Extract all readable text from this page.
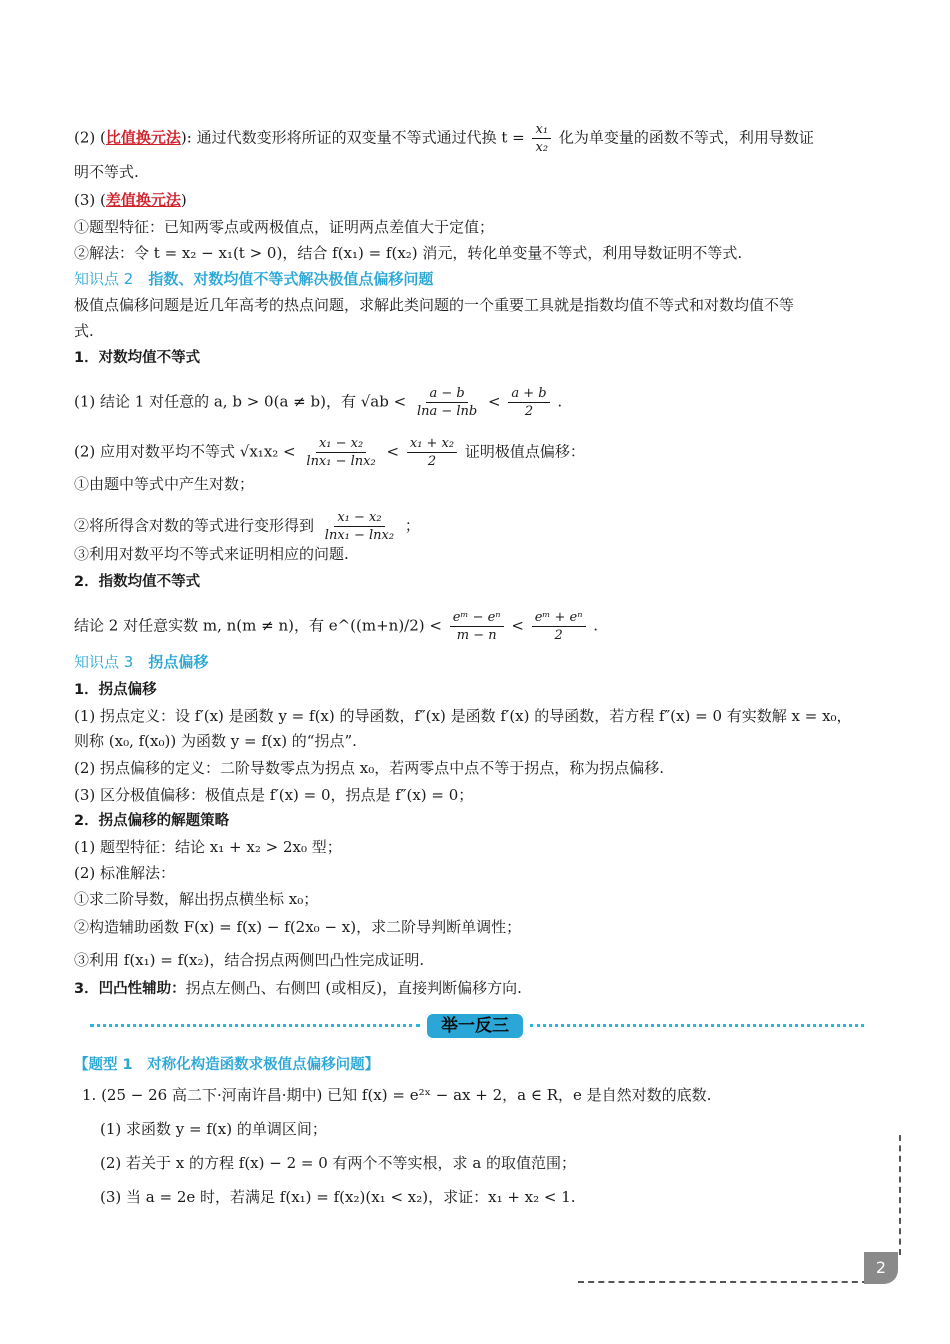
(2) (比值换元法): 通过代数变形将所证的双变量不等式通过代换 $t = \frac{\text{x₁}}{\text{x₂}}$ 化为单变量的函数不等式，利用导数证
明不等式.
(3) (差值换元法)
①题型特征：已知两零点或两极值点，证明两点差值大于定值；
②解法：令 t = x₂ − x₁(t > 0)，结合 f(x₁) = f(x₂) 消元，转化单变量不等式，利用导数证明不等式.
知识点 2　 指数、对数均值不等式解决极值点偏移问题
极值点偏移问题是近几年高考的热点问题，求解此类问题的一个重要工具就是指数均值不等式和对数均值不等
式.
1．对数均值不等式
(1) 结论 1 对任意的 a, b > 0(a ≠ b)，有 $√ab < \frac{a - b}{\ln a - \ln b} < \frac{a + b}{2}$ .
(2) 应用对数平均不等式 $√x_1x_2 < \frac{\text{x₁ − x₂}}{\text{lnx₁ − lnx₂}} < \frac{\text{x₁ + x₂}}{2}$ 证明极值点偏移：
①由题中等式中产生对数；
②将所得含对数的等式进行变形得到 $\frac{\text{x₁ − x₂}}{\text{lnx₁ − lnx₂}}$ ；
③利用对数平均不等式来证明相应的问题.
2．指数均值不等式
结论 2 对任意实数 m, n(m ≠ n)，有 e^((m+n)/2) < $\frac{\text{eᵐ − eⁿ}}{m - n} < \frac{\text{eᵐ + eⁿ}}{2}$ .
知识点 3　 拐点偏移
1．拐点偏移
(1) 拐点定义：设 f′(x) 是函数 y = f(x) 的导函数，f″(x) 是函数 f′(x) 的导函数，若方程 f″(x) = 0 有实数解 x = x₀，
则称 (x₀, f(x₀)) 为函数 y = f(x) 的“拐点”.
(2) 拐点偏移的定义：二阶导数零点为拐点 x₀，若两零点中点不等于拐点，称为拐点偏移.
(3) 区分极值偏移：极值点是 f′(x) = 0，拐点是 f″(x) = 0；
2．拐点偏移的解题策略
(1) 题型特征：结论 x₁ + x₂ > 2x₀ 型；
(2) 标准解法：
①求二阶导数，解出拐点横坐标 x₀；
②构造辅助函数 F(x) = f(x) − f(2x₀ − x)，求二阶导判断单调性；
③利用 f(x₁) = f(x₂)，结合拐点两侧凹凸性完成证明.
3．凹凸性辅助：拐点左侧凸、右侧凹 (或相反)，直接判断偏移方向.
举一反三
【题型 1　对称化构造函数求极值点偏移问题】
1. (25 − 26 高二下·河南许昌·期中) 已知 f(x) = e²ˣ − ax + 2，a ∈ R，e 是自然对数的底数.
(1) 求函数 y = f(x) 的单调区间；
(2) 若关于 x 的方程 f(x) − 2 = 0 有两个不等实根，求 a 的取值范围；
(3) 当 a = 2e 时，若满足 f(x₁) = f(x₂)(x₁ < x₂)，求证：x₁ + x₂ < 1.
2
